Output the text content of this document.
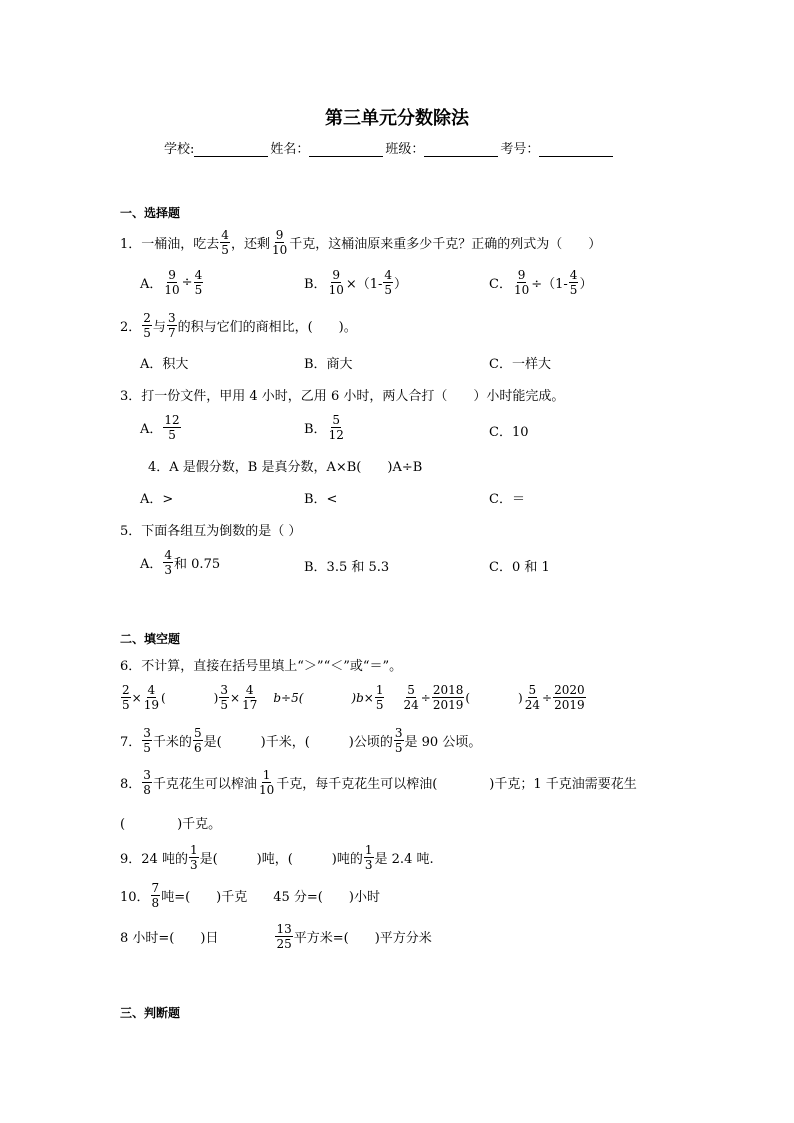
第三单元分数除法
学校:	姓名：	班级：	考号：
一、选择题
1． 一桶油，吃去 $\frac{4}{5}$ ，还剩 $\frac{9}{10}$ 千克，这桶油原来重多少千克？正确的列式为（　　）
A． $\frac{9}{10} \div \frac{4}{5}$	B． $\frac{9}{10} \times(1- \frac{4}{5}$ ）	C． $\frac{9}{10} \div(1- \frac{4}{5}$ ）
2． $\frac{2}{5}$ 与 $\frac{3}{7}$ 的积与它们的商相比，(　　)。
A．积大	B．商大	C．一样大
3．打一份文件，甲用 4 小时，乙用 6 小时，两人合打（　　）小时能完成。
A． $\frac{12}{5}$	B． $\frac{5}{12}$	C．10
4．A 是假分数，B 是真分数，A×B(　　)A÷B
A．>	B．<	C．＝
5．下面各组互为倒数的是（ ）
A． $\frac{4}{3}$ 和 0.75	B．3.5 和 5.3	C．0 和 1
二、填空题
6．不计算，直接在括号里填上“＞”“＜”或“＝”。
$\frac{2}{5} \times \frac{4}{19}$ (　　　　) $\frac{3}{5} \times \frac{4}{17} b\div 5$(　　　　)$b\times \frac{1}{5} \frac{5}{24} \div \frac{2018}{2019}$ (　　　　) $\frac{5}{24} \div \frac{2020}{2019}$
7． $\frac{3}{5}$ 千米的 $\frac{5}{6}$ 是(　　　)千米，(　　　)公顷的 $\frac{3}{5}$ 是 90 公顷。
8． $\frac{3}{8}$ 千克花生可以榨油 $\frac{1}{10}$ 千克，每千克花生可以榨油(　　　　)千克；1 千克油需要花生
(　　　　)千克。
9．24 吨的 $\frac{1}{3}$ 是(　　　)吨，(　　　)吨的 $\frac{1}{3}$ 是 2.4 吨.
10． $\frac{7}{8}$ 吨=(　　)千克 45 分=(　　)小时
8 小时=(　　)日	$\frac{13}{25}$ 平方米=(　　)平方分米
三、判断题
